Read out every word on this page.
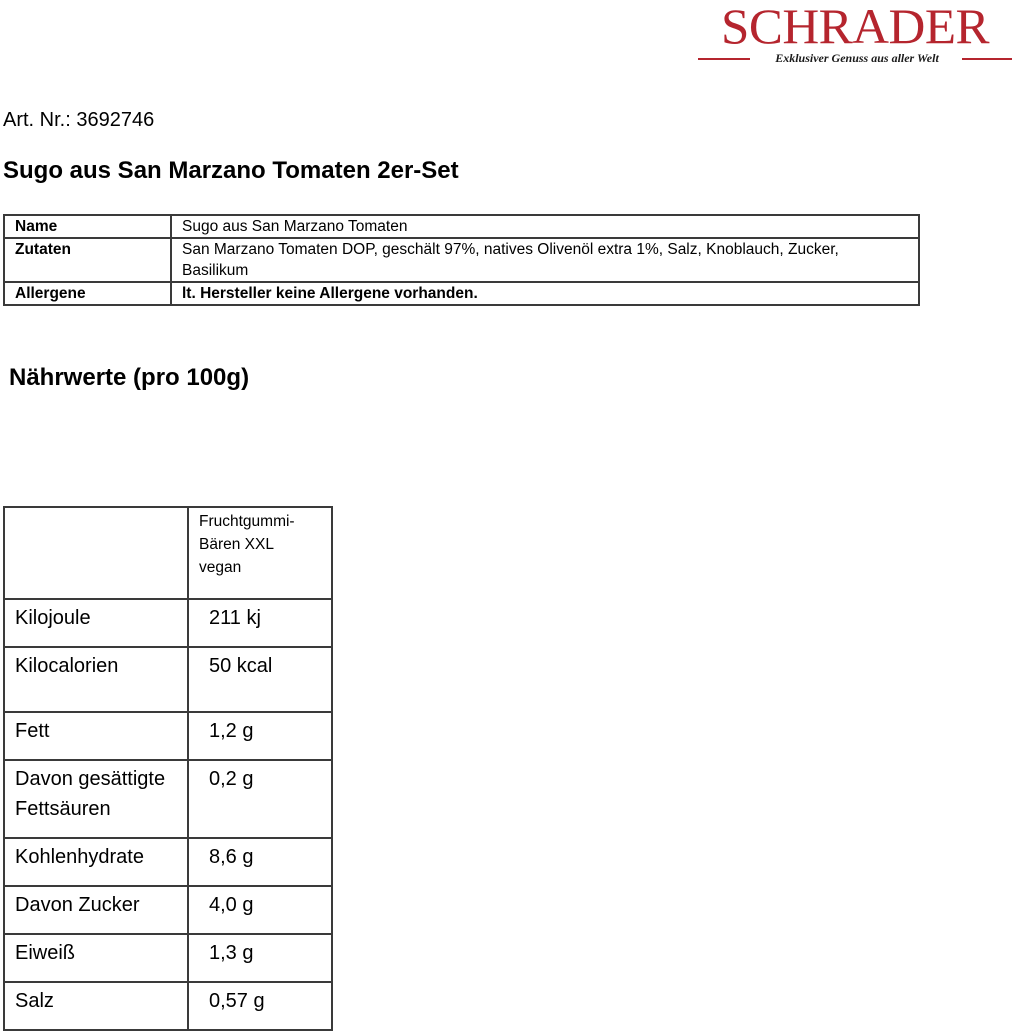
SCHRADER
Exklusiver Genuss aus aller Welt
Art. Nr.: 3692746
Sugo aus San Marzano Tomaten 2er-Set
Name	Sugo aus San Marzano Tomaten
Zutaten	San Marzano Tomaten DOP, geschält 97%, natives Olivenöl extra 1%, Salz, Knoblauch, Zucker, Basilikum
Allergene	lt. Hersteller keine Allergene vorhanden.
Nährwerte (pro 100g)

	Fruchtgummi-
Bären XXL
vegan

Kilojoule	211 kj
Kilocalorien	50 kcal
Fett	1,2 g
Davon gesättigte Fettsäuren	0,2 g
Kohlenhydrate	8,6 g
Davon Zucker	4,0 g
Eiweiß	1,3 g
Salz	0,57 g
